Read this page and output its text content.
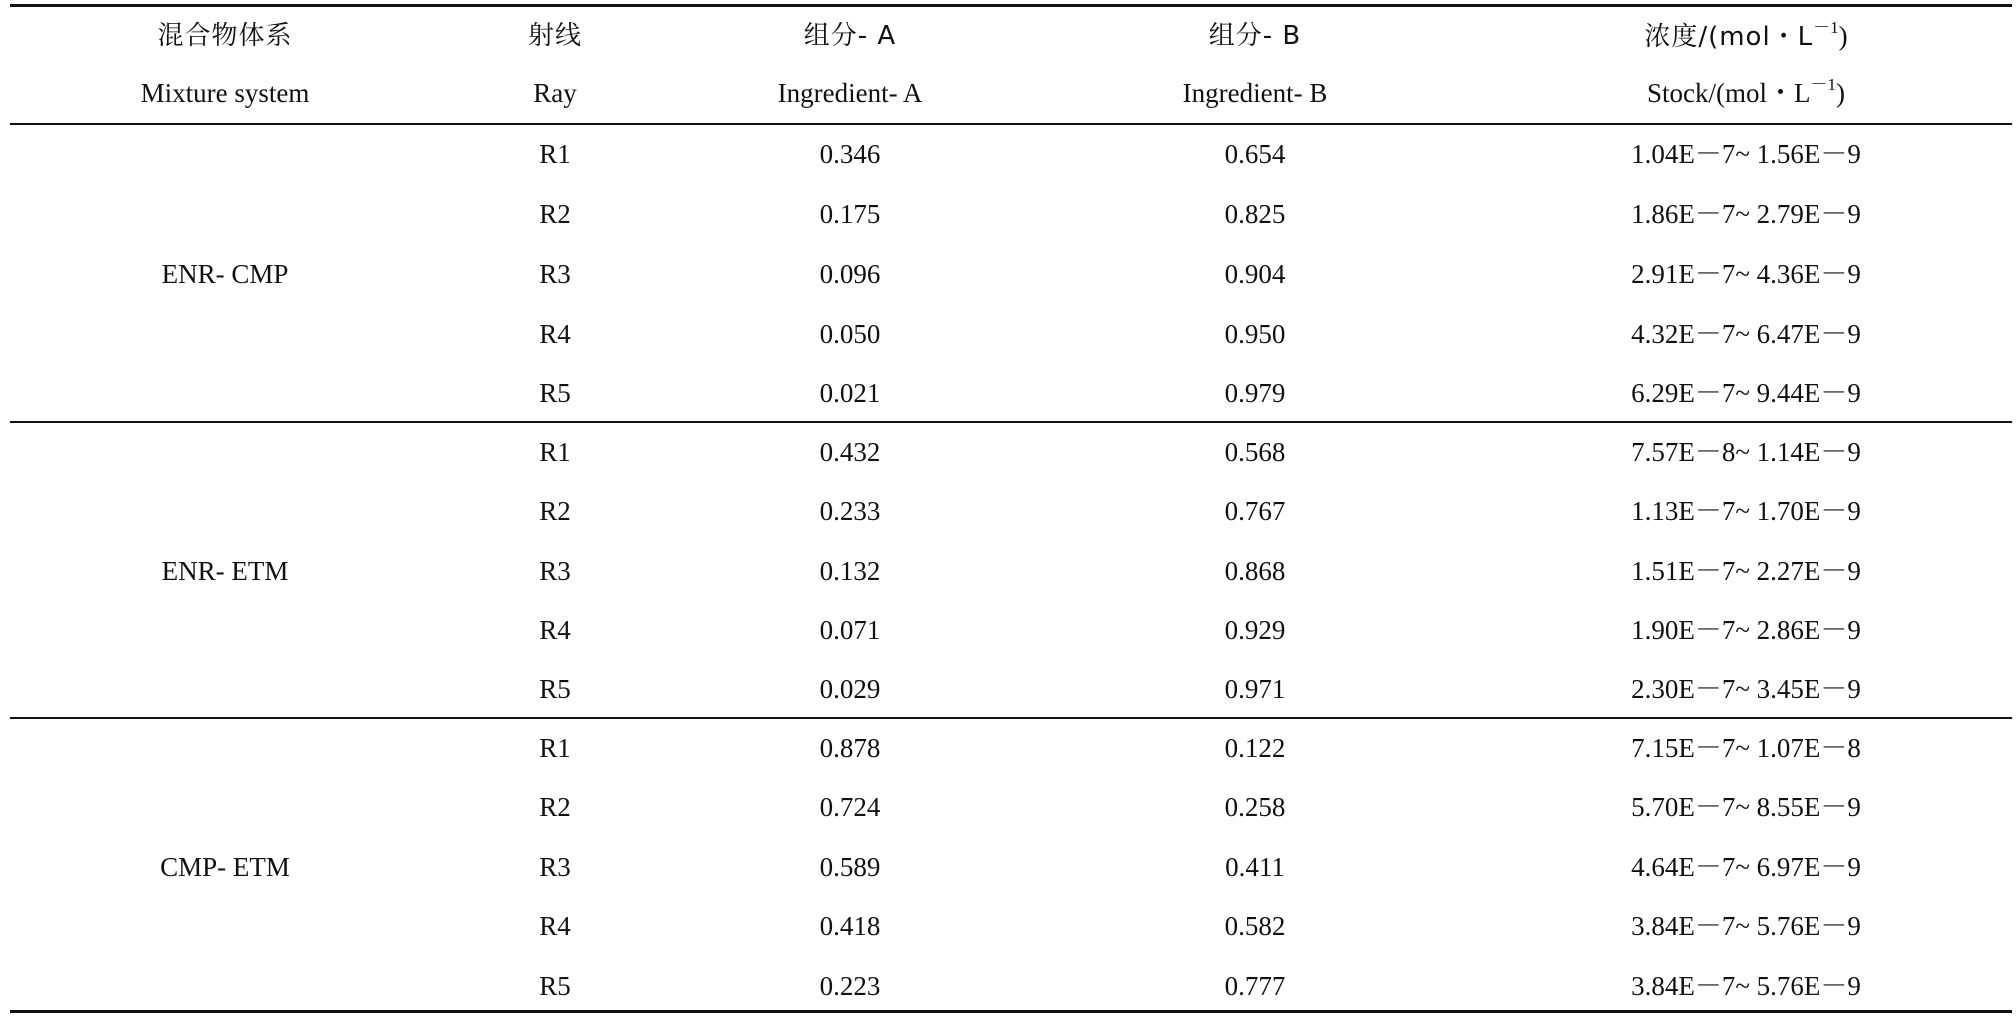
混合物体系	射线	组分- A	组分- B	浓度/(mol・$L^{-1}$)
Mixture system	Ray	Ingredient- A	Ingredient- B	Stock/(mol・$L^{-1}$)
ENR- CMP
R1	0.346	0.654	1.04E－7~ 1.56E－9
R2	0.175	0.825	1.86E－7~ 2.79E－9
R3	0.096	0.904	2.91E－7~ 4.36E－9
R4	0.050	0.950	4.32E－7~ 6.47E－9
R5	0.021	0.979	6.29E－7~ 9.44E－9
ENR- ETM
R1	0.432	0.568	7.57E－8~ 1.14E－9
R2	0.233	0.767	1.13E－7~ 1.70E－9
R3	0.132	0.868	1.51E－7~ 2.27E－9
R4	0.071	0.929	1.90E－7~ 2.86E－9
R5	0.029	0.971	2.30E－7~ 3.45E－9
CMP- ETM
R1	0.878	0.122	7.15E－7~ 1.07E－8
R2	0.724	0.258	5.70E－7~ 8.55E－9
R3	0.589	0.411	4.64E－7~ 6.97E－9
R4	0.418	0.582	3.84E－7~ 5.76E－9
R5	0.223	0.777	3.84E－7~ 5.76E－9
